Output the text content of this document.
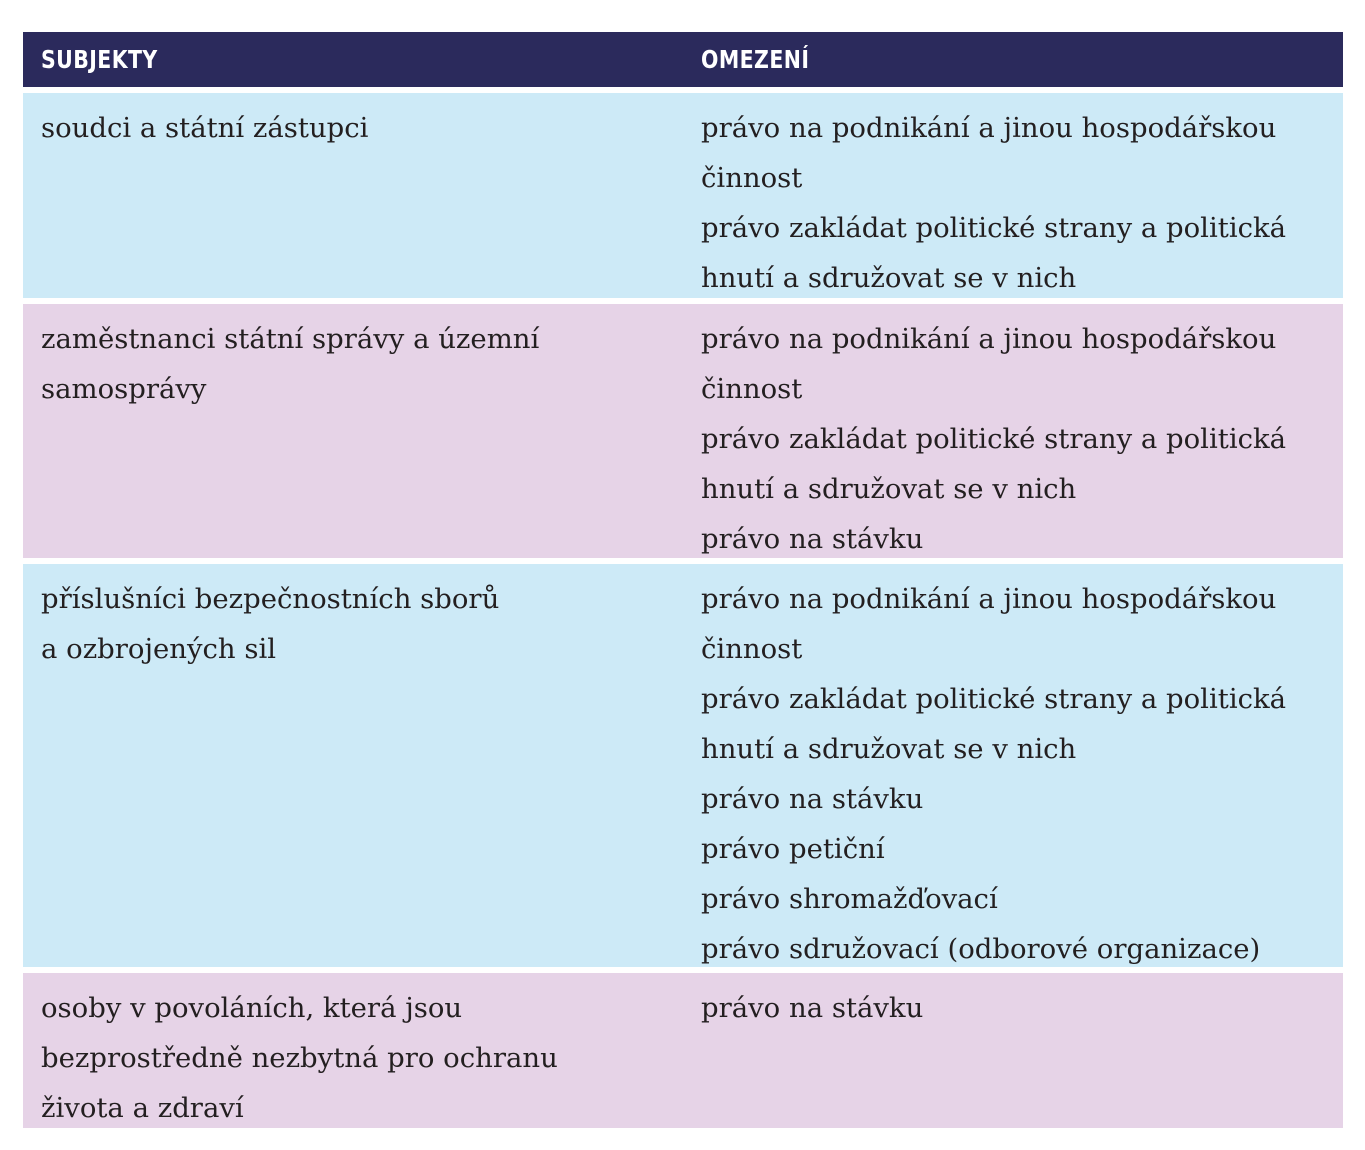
SUBJEKTY	OMEZENÍ
soudci a státní zástupci	právo na podnikání a jinou hospodářskou
činnost
právo zakládat politické strany a politická
hnutí a sdružovat se v nich
zaměstnanci státní správy a územní
samosprávy
právo na podnikání a jinou hospodářskou
činnost
právo zakládat politické strany a politická
hnutí a sdružovat se v nich
právo na stávku
příslušníci bezpečnostních sborů
a ozbrojených sil
právo na podnikání a jinou hospodářskou
činnost
právo zakládat politické strany a politická
hnutí a sdružovat se v nich
právo na stávku
právo petiční
právo shromažďovací
právo sdružovací (odborové organizace)
osoby v povoláních, která jsou
bezprostředně nezbytná pro ochranu
života a zdraví
právo na stávku
